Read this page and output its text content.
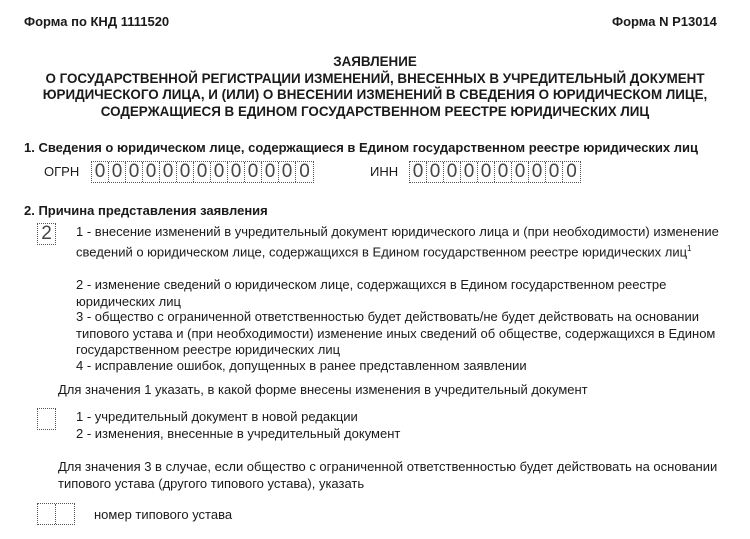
Форма по КНД 1111520	Форма N Р13014
ЗАЯВЛЕНИЕ
О ГОСУДАРСТВЕННОЙ РЕГИСТРАЦИИ ИЗМЕНЕНИЙ, ВНЕСЕННЫХ В УЧРЕДИТЕЛЬНЫЙ ДОКУМЕНТ
ЮРИДИЧЕСКОГО ЛИЦА, И (ИЛИ) О ВНЕСЕНИИ ИЗМЕНЕНИЙ В СВЕДЕНИЯ О ЮРИДИЧЕСКОМ ЛИЦЕ,
СОДЕРЖАЩИЕСЯ В ЕДИНОМ ГОСУДАРСТВЕННОМ РЕЕСТРЕ ЮРИДИЧЕСКИХ ЛИЦ
1. Сведения о юридическом лице, содержащиеся в Едином государственном реестре юридических лиц
ОГРН 0 0 0 0 0 0 0 0 0 0 0 0 0	ИНН 0 0 0 0 0 0 0 0 0 0
2. Причина представления заявления
2	1 - внесение изменений в учредительный документ юридического лица и (при необходимости) изменение
сведений о юридическом лице, содержащихся в Едином государственном реестре юридических лиц$^1$
2 - изменение сведений о юридическом лице, содержащихся в Едином государственном реестре
юридических лиц
3 - общество с ограниченной ответственностью будет действовать/не будет действовать на основании
типового устава и (при необходимости) изменение иных сведений об обществе, содержащихся в Едином
государственном реестре юридических лиц
4 - исправление ошибок, допущенных в ранее представленном заявлении
Для значения 1 указать, в какой форме внесены изменения в учредительный документ
1 - учредительный документ в новой редакции
2 - изменения, внесенные в учредительный документ
Для значения 3 в случае, если общество с ограниченной ответственностью будет действовать на основании
типового устава (другого типового устава), указать
номер типового устава
